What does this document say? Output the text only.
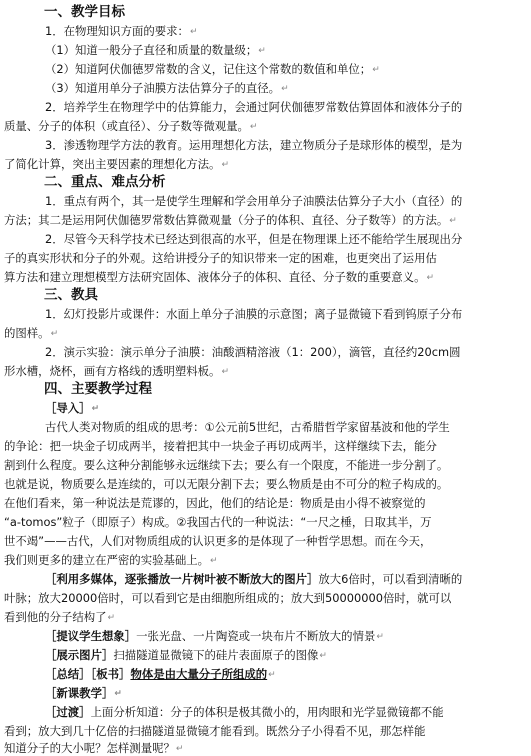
一、教学目标
1．在物理知识方面的要求： ↵
（1）知道一般分子直径和质量的数量级； ↵
（2）知道阿伏伽德罗常数的含义，记住这个常数的数值和单位； ↵
（3）知道用单分子油膜方法估算分子的直径。 ↵
2．培养学生在物理学中的估算能力，会通过阿伏伽德罗常数估算固体和液体分子的
质量、分子的体积（或直径）、分子数等微观量。 ↵
3．渗透物理学方法的教育。运用理想化方法，建立物质分子是球形体的模型，是为
了简化计算，突出主要因素的理想化方法。 ↵
二、重点、难点分析
1．重点有两个，其一是使学生理解和学会用单分子油膜法估算分子大小（直径）的
方法；其二是运用阿伏伽德罗常数估算微观量（分子的体积、直径、分子数等）的方法。 ↵
2．尽管今天科学技术已经达到很高的水平，但是在物理课上还不能给学生展现出分
子的真实形状和分子的外观。这给讲授分子的知识带来一定的困难，也更突出了运用估
算方法和建立理想模型方法研究固体、液体分子的体积、直径、分子数的重要意义。 ↵
三、教具
1．幻灯投影片或课件：水面上单分子油膜的示意图；离子显微镜下看到钨原子分布
的图样。 ↵
2．演示实验：演示单分子油膜：油酸酒精溶液（1：200），滴管，直径约20cm圆
形水槽，烧杯，画有方格线的透明塑料板。 ↵
四、主要教学过程
［导入］ ↵
古代人类对物质的组成的思考：①公元前5世纪，古希腊哲学家留基波和他的学生
的争论：把一块金子切成两半，接着把其中一块金子再切成两半，这样继续下去，能分
割到什么程度。要么这种分割能够永远继续下去；要么有一个限度，不能进一步分割了。
也就是说，物质要么是连续的，可以无限分割下去；要么物质是由不可分的粒子构成的。
在他们看来，第一种说法是荒谬的，因此，他们的结论是：物质是由小得不被察觉的
“a-tomos”粒子（即原子）构成。②我国古代的一种说法：“一尺之棰，日取其半，万
世不竭”——古代，人们对物质组成的认识更多的是体现了一种哲学思想。而在今天，
我们则更多的建立在严密的实验基础上。 ↵
［利用多媒体，逐张播放一片树叶被不断放大的图片］放大6倍时，可以看到清晰的
叶脉；放大20000倍时，可以看到它是由细胞所组成的；放大到50000000倍时，就可以
看到他的分子结构了 ↵
［提议学生想象］一张光盘、一片陶瓷或一块布片不断放大的情景 ↵
［展示图片］扫描隧道显微镜下的硅片表面原子的图像 ↵
［总结］［板书］物体是由大量分子所组成的 ↵
［新课教学］ ↵
［过渡］上面分析知道：分子的体积是极其微小的，用肉眼和光学显微镜都不能
看到；放大到几十亿倍的扫描隧道显微镜才能看到。既然分子小得看不见，那怎样能
知道分子的大小呢？怎样测量呢？ ↵
